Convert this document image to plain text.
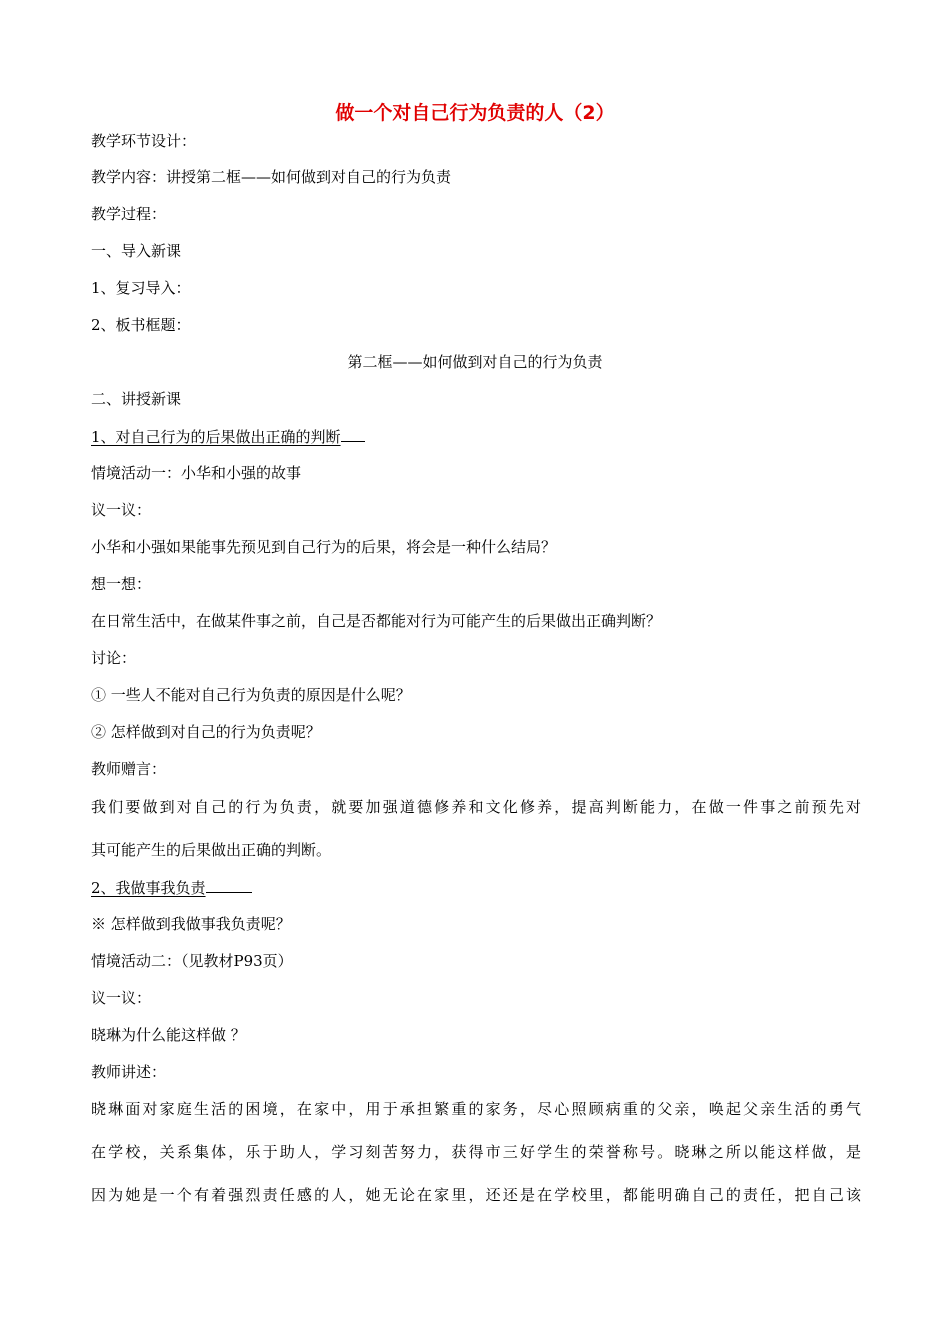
做一个对自己行为负责的人（2）

教学环节设计：

教学内容：讲授第二框——如何做到对自己的行为负责

教学过程：

一、导入新课

1、复习导入：

2、板书框题：

第二框——如何做到对自己的行为负责

二、讲授新课

1、对自己行为的后果做出正确的判断

情境活动一：小华和小强的故事

议一议：

小华和小强如果能事先预见到自己行为的后果，将会是一种什么结局？

想一想：

在日常生活中，在做某件事之前，自己是否都能对行为可能产生的后果做出正确判断？

讨论：

① 一些人不能对自己行为负责的原因是什么呢？

② 怎样做到对自己的行为负责呢？

教师赠言：

我们要做到对自己的行为负责，就要加强道德修养和文化修养，提高判断能力，在做一件事之前预先对

其可能产生的后果做出正确的判断。

2、我做事我负责

※ 怎样做到我做事我负责呢？

情境活动二：（见教材P93页）

议一议：

晓琳为什么能这样做 ？

教师讲述：

晓琳面对家庭生活的困境，在家中，用于承担繁重的家务，尽心照顾病重的父亲，唤起父亲生活的勇气

在学校，关系集体，乐于助人，学习刻苦努力，获得市三好学生的荣誉称号。晓琳之所以能这样做，是

因为她是一个有着强烈责任感的人，她无论在家里，还还是在学校里，都能明确自己的责任，把自己该
